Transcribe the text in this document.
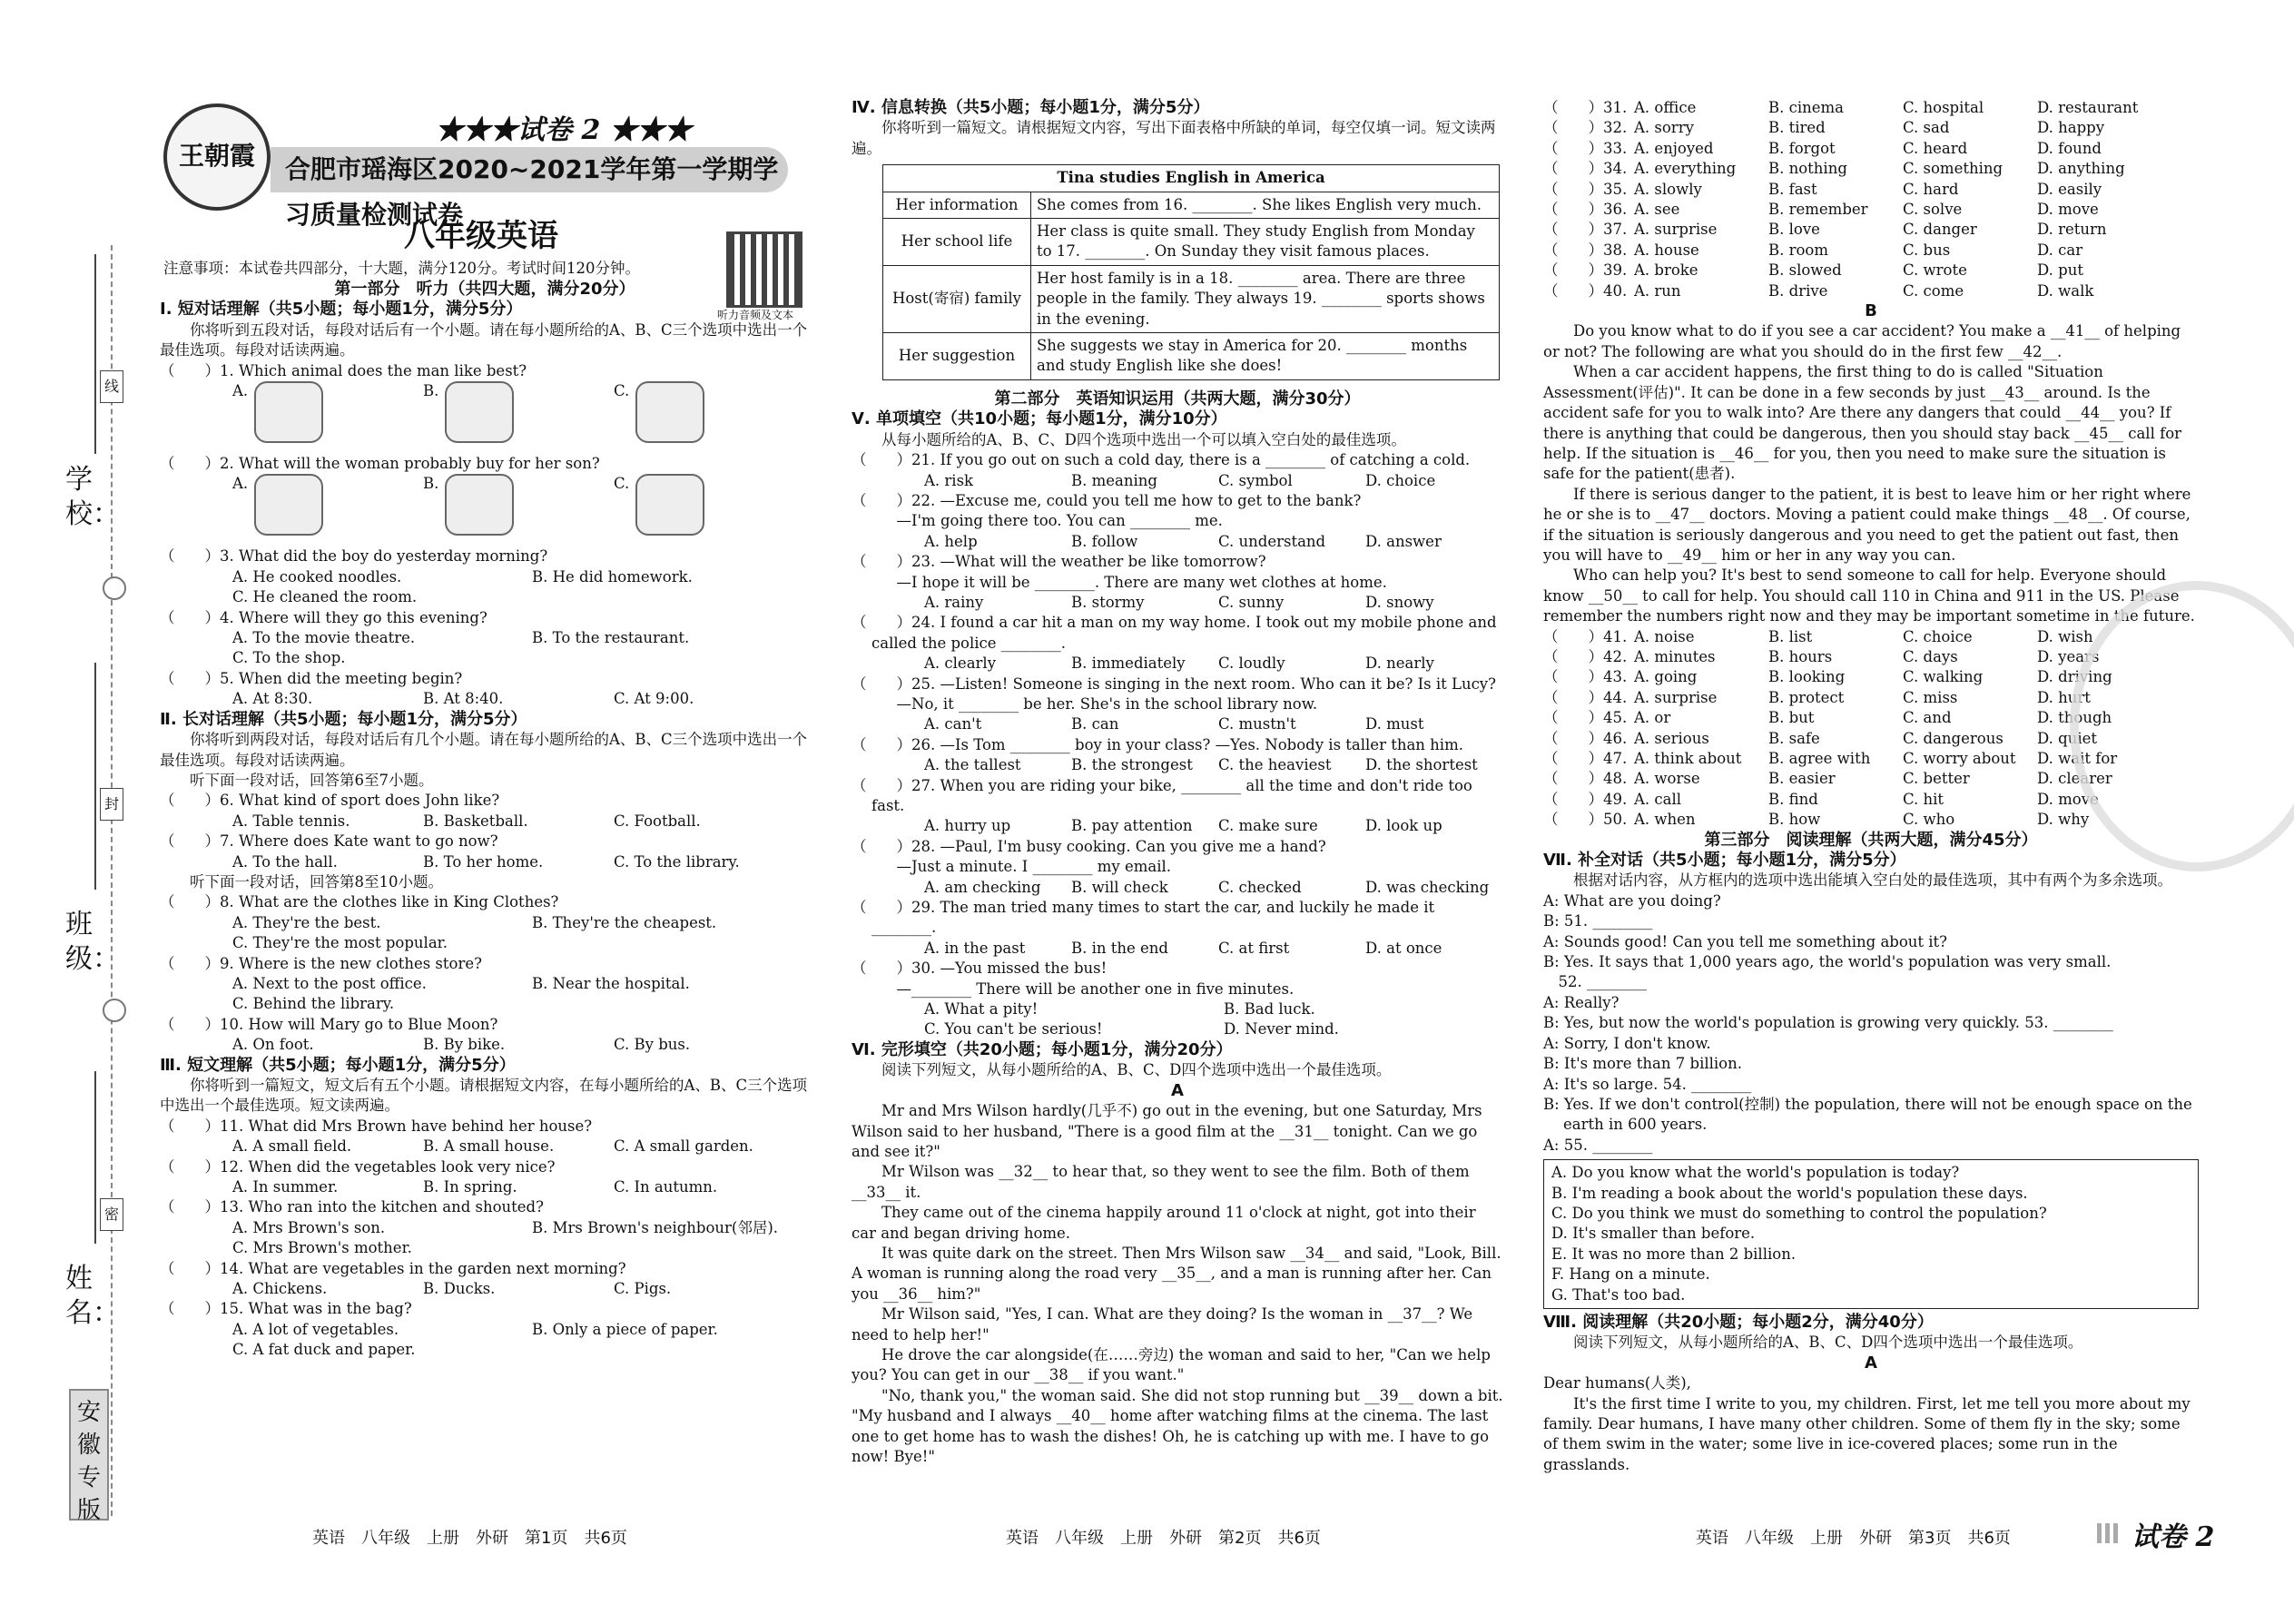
学校：
班级：
姓名：
线
封
密
安徽专版
王朝霞
★★★试卷 2 ★★★
合肥市瑶海区2020~2021学年第一学期学习质量检测试卷
八年级英语
听力音频及文本
注意事项：本试卷共四部分，十大题，满分120分。考试时间120分钟。

第一部分　听力（共四大题，满分20分）

Ⅰ. 短对话理解（共5小题；每小题1分，满分5分）

你将听到五段对话，每段对话后有一个小题。请在每小题所给的A、B、C三个选项中选出一个最佳选项。每段对话读两遍。

（　　）1. Which animal does the man like best?

A.	B.	C.

（　　）2. What will the woman probably buy for her son?

A.	B.	C.

（　　）3. What did the boy do yesterday morning?

A. He cooked noodles.	B. He did homework.
C. He cleaned the room.

（　　）4. Where will they go this evening?

A. To the movie theatre.	B. To the restaurant.
C. To the shop.

（　　）5. When did the meeting begin?

A. At 8:30.	B. At 8:40.	C. At 9:00.

Ⅱ. 长对话理解（共5小题；每小题1分，满分5分）

你将听到两段对话，每段对话后有几个小题。请在每小题所给的A、B、C三个选项中选出一个最佳选项。每段对话读两遍。

听下面一段对话，回答第6至7小题。

（　　）6. What kind of sport does John like?

A. Table tennis.	B. Basketball.	C. Football.

（　　）7. Where does Kate want to go now?

A. To the hall.	B. To her home.	C. To the library.

听下面一段对话，回答第8至10小题。

（　　）8. What are the clothes like in King Clothes?

A. They're the best.	B. They're the cheapest.
C. They're the most popular.

（　　）9. Where is the new clothes store?

A. Next to the post office.	B. Near the hospital.
C. Behind the library.

（　　）10. How will Mary go to Blue Moon?

A. On foot.	B. By bike.	C. By bus.

Ⅲ. 短文理解（共5小题；每小题1分，满分5分）

你将听到一篇短文，短文后有五个小题。请根据短文内容，在每小题所给的A、B、C三个选项中选出一个最佳选项。短文读两遍。

（　　）11. What did Mrs Brown have behind her house?

A. A small field.	B. A small house.	C. A small garden.

（　　）12. When did the vegetables look very nice?

A. In summer.	B. In spring.	C. In autumn.

（　　）13. Who ran into the kitchen and shouted?

A. Mrs Brown's son.	B. Mrs Brown's neighbour(邻居).
C. Mrs Brown's mother.

（　　）14. What are vegetables in the garden next morning?

A. Chickens.	B. Ducks.	C. Pigs.

（　　）15. What was in the bag?

A. A lot of vegetables.	B. Only a piece of paper.
C. A fat duck and paper.

Ⅳ. 信息转换（共5小题；每小题1分，满分5分）

你将听到一篇短文。请根据短文内容，写出下面表格中所缺的单词，每空仅填一词。短文读两遍。

Tina studies English in America	
Her information	She comes from 16. ________. She likes English very much.
Her school life	Her class is quite small. They study English from Monday to 17. ________. On Sunday they visit famous places.
Host(寄宿) family	Her host family is in a 18. ________ area. There are three people in the family. They always 19. ________ sports shows in the evening.
Her suggestion	She suggests we stay in America for 20. ________ months and study English like she does!

第二部分　英语知识运用（共两大题，满分30分）

Ⅴ. 单项填空（共10小题；每小题1分，满分10分）

从每小题所给的A、B、C、D四个选项中选出一个可以填入空白处的最佳选项。

（　　）21. If you go out on such a cold day, there is a ________ of catching a cold.

A. risk	B. meaning	C. symbol	D. choice

（　　）22. —Excuse me, could you tell me how to get to the bank?

　　　—I'm going there too. You can ________ me.

A. help	B. follow	C. understand	D. answer

（　　）23. —What will the weather be like tomorrow?

　　　—I hope it will be ________. There are many wet clothes at home.

A. rainy	B. stormy	C. sunny	D. snowy

（　　）24. I found a car hit a man on my way home. I took out my mobile phone and called the police ________.

A. clearly	B. immediately	C. loudly	D. nearly

（　　）25. —Listen! Someone is singing in the next room. Who can it be? Is it Lucy?

　　　—No, it ________ be her. She's in the school library now.

A. can't	B. can	C. mustn't	D. must

（　　）26. —Is Tom ________ boy in your class? —Yes. Nobody is taller than him.

A. the tallest	B. the strongest	C. the heaviest	D. the shortest

（　　）27. When you are riding your bike, ________ all the time and don't ride too fast.

A. hurry up	B. pay attention	C. make sure	D. look up

（　　）28. —Paul, I'm busy cooking. Can you give me a hand?

　　　—Just a minute. I ________ my email.

A. am checking	B. will check	C. checked	D. was checking

（　　）29. The man tried many times to start the car, and luckily he made it ________.

A. in the past	B. in the end	C. at first	D. at once

（　　）30. —You missed the bus!

　　　—________ There will be another one in five minutes.

A. What a pity!	B. Bad luck.
C. You can't be serious!	D. Never mind.

Ⅵ. 完形填空（共20小题；每小题1分，满分20分）

阅读下列短文，从每小题所给的A、B、C、D四个选项中选出一个最佳选项。

A

Mr and Mrs Wilson hardly(几乎不) go out in the evening, but one Saturday, Mrs Wilson said to her husband, "There is a good film at the __31__ tonight. Can we go and see it?"

Mr Wilson was __32__ to hear that, so they went to see the film. Both of them __33__ it.

They came out of the cinema happily around 11 o'clock at night, got into their car and began driving home.

It was quite dark on the street. Then Mrs Wilson saw __34__ and said, "Look, Bill. A woman is running along the road very __35__, and a man is running after her. Can you __36__ him?"

Mr Wilson said, "Yes, I can. What are they doing? Is the woman in __37__? We need to help her!"

He drove the car alongside(在……旁边) the woman and said to her, "Can we help you? You can get in our __38__ if you want."

"No, thank you," the woman said. She did not stop running but __39__ down a bit. "My husband and I always __40__ home after watching films at the cinema. The last one to get home has to wash the dishes! Oh, he is catching up with me. I have to go now! Bye!"

（　　）31. A. office	B. cinema	C. hospital	D. restaurant
（　　）32. A. sorry	B. tired	C. sad	D. happy
（　　）33. A. enjoyed	B. forgot	C. heard	D. found
（　　）34. A. everything	B. nothing	C. something	D. anything
（　　）35. A. slowly	B. fast	C. hard	D. easily
（　　）36. A. see	B. remember	C. solve	D. move
（　　）37. A. surprise	B. love	C. danger	D. return
（　　）38. A. house	B. room	C. bus	D. car
（　　）39. A. broke	B. slowed	C. wrote	D. put
（　　）40. A. run	B. drive	C. come	D. walk

B

Do you know what to do if you see a car accident? You make a __41__ of helping or not? The following are what you should do in the first few __42__.

When a car accident happens, the first thing to do is called "Situation Assessment(评估)". It can be done in a few seconds by just __43__ around. Is the accident safe for you to walk into? Are there any dangers that could __44__ you? If there is anything that could be dangerous, then you should stay back __45__ call for help. If the situation is __46__ for you, then you need to make sure the situation is safe for the patient(患者).

If there is serious danger to the patient, it is best to leave him or her right where he or she is to __47__ doctors. Moving a patient could make things __48__. Of course, if the situation is seriously dangerous and you need to get the patient out fast, then you will have to __49__ him or her in any way you can.

Who can help you? It's best to send someone to call for help. Everyone should know __50__ to call for help. You should call 110 in China and 911 in the US. Please remember the numbers right now and they may be important sometime in the future.

（　　）41. A. noise	B. list	C. choice	D. wish
（　　）42. A. minutes	B. hours	C. days	D. years
（　　）43. A. going	B. looking	C. walking	D. driving
（　　）44. A. surprise	B. protect	C. miss	D. hurt
（　　）45. A. or	B. but	C. and	D. though
（　　）46. A. serious	B. safe	C. dangerous	D. quiet
（　　）47. A. think about	B. agree with	C. worry about	D. wait for
（　　）48. A. worse	B. easier	C. better	D. clearer
（　　）49. A. call	B. find	C. hit	D. move
（　　）50. A. when	B. how	C. who	D. why

第三部分　阅读理解（共两大题，满分45分）

Ⅶ. 补全对话（共5小题；每小题1分，满分5分）

根据对话内容，从方框内的选项中选出能填入空白处的最佳选项，其中有两个为多余选项。

A: What are you doing?

B: 51. ________

A: Sounds good! Can you tell me something about it?

B: Yes. It says that 1,000 years ago, the world's population was very small.

　52. ________

A: Really?

B: Yes, but now the world's population is growing very quickly. 53. ________

A: Sorry, I don't know.

B: It's more than 7 billion.

A: It's so large. 54. ________

B: Yes. If we don't control(控制) the population, there will not be enough space on the earth in 600 years.

A: 55. ________

A. Do you know what the world's population is today?

B. I'm reading a book about the world's population these days.

C. Do you think we must do something to control the population?

D. It's smaller than before.

E. It was no more than 2 billion.

F. Hang on a minute.

G. That's too bad.

Ⅷ. 阅读理解（共20小题；每小题2分，满分40分）

阅读下列短文，从每小题所给的A、B、C、D四个选项中选出一个最佳选项。

A

Dear humans(人类),

It's the first time I write to you, my children. First, let me tell you more about my family. Dear humans, I have many other children. Some of them fly in the sky; some of them swim in the water; some live in ice-covered places; some run in the grasslands.

英语　八年级　上册　外研　第1页　共6页	英语　八年级　上册　外研　第2页　共6页	英语　八年级　上册　外研　第3页　共6页	试卷 2
